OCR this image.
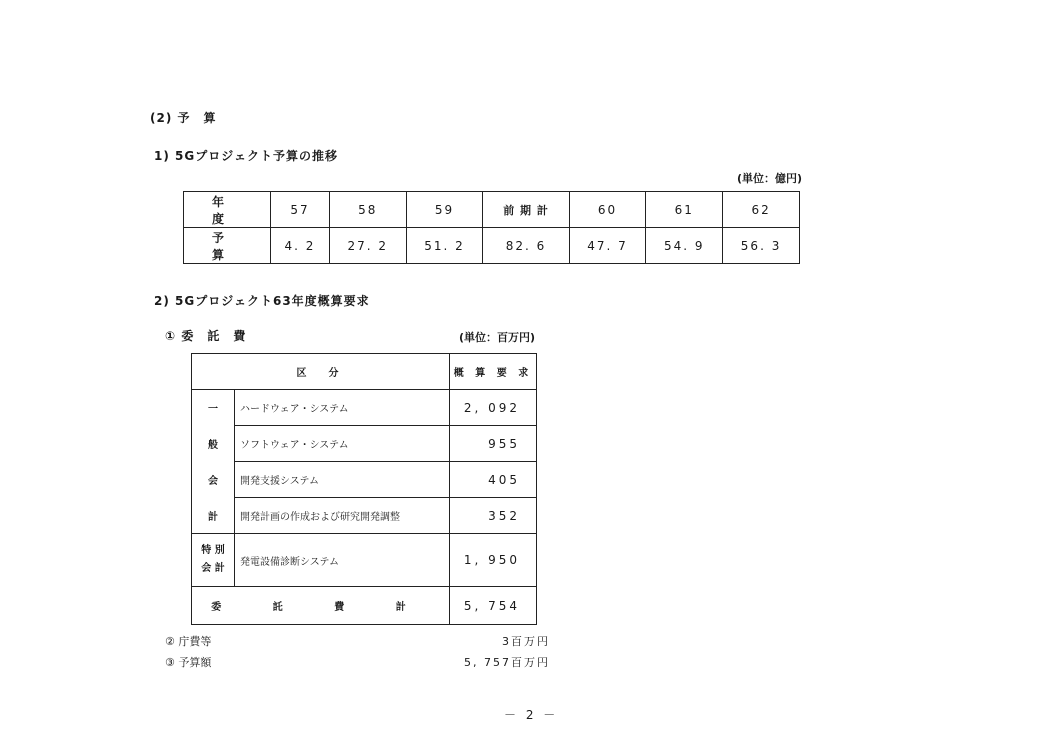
(2) 予　算
1) 5Gプロジェクト予算の推移
(単位：億円)
年　度	57	58	59	前 期 計	60	61	62
予　算	4. 2	27. 2	51. 2	82. 6	47. 7	54. 9	56. 3
2) 5Gプロジェクト63年度概算要求
① 委　託　費	(単位：百万円)
区　分		概 算 要 求
一	ハードウェア・システム	2, 092
般	ソフトウェア・システム	955
会	開発支援システム	405
計	開発計画の作成および研究開発調整	352

特 別
会 計	発電設備診断システム	1, 950
委 託 費 計		5, 754
② 庁費等	3百万円
③ 予算額	5, 757百万円
－ 2 －
